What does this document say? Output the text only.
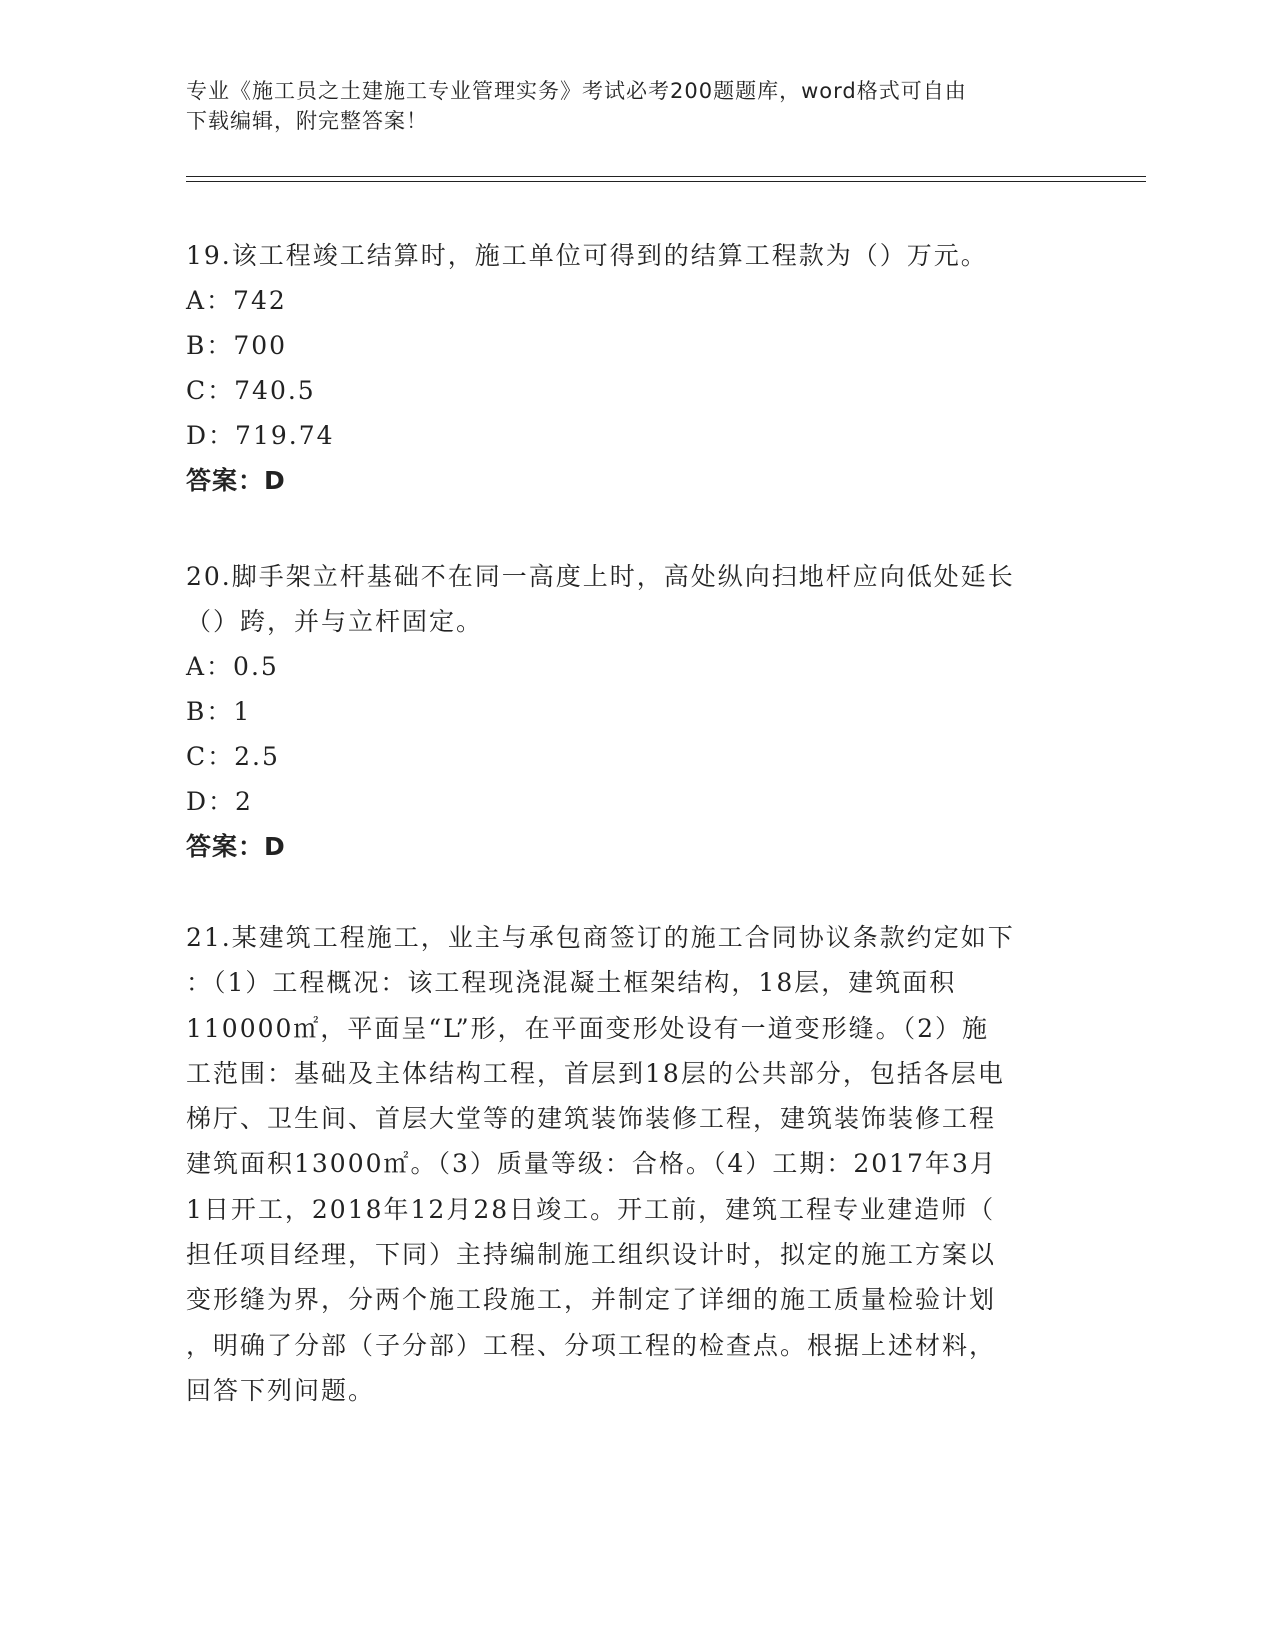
专业《施工员之土建施工专业管理实务》考试必考200题题库，word格式可自由
下载编辑，附完整答案！

19.该工程竣工结算时，施工单位可得到的结算工程款为（）万元。

A：742

B：700

C：740.5

D：719.74

答案：D

20.脚手架立杆基础不在同一高度上时，高处纵向扫地杆应向低处延长

（）跨，并与立杆固定。

A：0.5

B：1

C：2.5

D：2

答案：D

21.某建筑工程施工，业主与承包商签订的施工合同协议条款约定如下

：（1）工程概况：该工程现浇混凝土框架结构，18层，建筑面积

110000㎡，平面呈“L”形，在平面变形处设有一道变形缝。（2）施

工范围：基础及主体结构工程，首层到18层的公共部分，包括各层电

梯厅、卫生间、首层大堂等的建筑装饰装修工程，建筑装饰装修工程

建筑面积13000㎡。（3）质量等级：合格。（4）工期：2017年3月

1日开工，2018年12月28日竣工。开工前，建筑工程专业建造师（

担任项目经理，下同）主持编制施工组织设计时，拟定的施工方案以

变形缝为界，分两个施工段施工，并制定了详细的施工质量检验计划

，明确了分部（子分部）工程、分项工程的检查点。根据上述材料，

回答下列问题。
